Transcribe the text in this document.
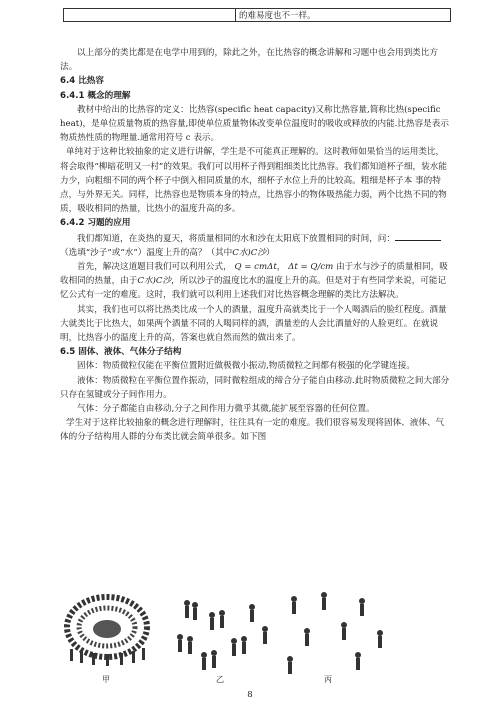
	的难易度也不一样。

以上部分的类比都是在电学中用到的，除此之外，在比热容的概念讲解和习题中也会用到类比方法。

6.4 比热容

6.4.1 概念的理解

教材中给出的比热容的定义：比热容(specific heat capacity)又称比热容量,简称比热(specific heat)，是单位质量物质的热容量,即使单位质量物体改变单位温度时的吸收或释放的内能.比热容是表示物质热性质的物理量.通常用符号 c 表示。

单纯对于这种比较抽象的定义进行讲解，学生是不可能真正理解的。这时教师如果恰当的运用类比，将会取得“柳暗花明又一村”的效果。我们可以用杯子得到粗细类比比热容。我们都知道杯子细，装水能力少，向粗细不同的两个杯子中倒入相同质量的水，细杯子水位上升的比较高。粗细是杯子本 事的特点，与外界无关。同样，比热容也是物质本身的特点，比热容小的物体吸热能力弱，两个比热不同的物质，吸收相同的热量，比热小的温度升高的多。

6.4.2 习题的应用

我们都知道，在炎热的夏天，将质量相同的水和沙在太阳底下放置相同的时间，问：（选填“沙子”或“水”）温度上升的高？（其中C水)C沙）

首先，解决这道题目我们可以利用公式， Q = cmΔt， Δt = Q/cm 由于水与沙子的质量相同，吸收相同的热量，由于C水)C沙，所以沙子的温度比水的温度上升的高。但是对于有些同学来说，可能记忆公式有一定的难度。这时，我们就可以利用上述我们对比热容概念理解的类比方法解决。

其实，我们也可以将比热类比成一个人的酒量，温度升高就类比于一个人喝酒后的脸红程度。酒量大就类比于比热大，如果两个酒量不同的人喝同样的酒，酒量差的人会比酒量好的人脸更红。在就说明，比热容小的温度上升的高，答案也就自然而然的做出来了。

6.5 固体、液体、气体分子结构

固体：物质微粒仅能在平衡位置附近做极微小振动,物质微粒之间都有极强的化学键连接。

液体：物质微粒在平衡位置作振动，同时微粒组成的缔合分子能自由移动.此时物质微粒之间大部分只存在氢键或分子间作用力。

气体：分子都能自由移动,分子之间作用力微乎其微,能扩展至容器的任何位置。

学生对于这样比较抽象的概念进行理解时，往往具有一定的难度。我们很容易发现将固体、液体、气体的分子结构用人群的分布类比就会简单很多。如下图

甲	乙	丙
8
